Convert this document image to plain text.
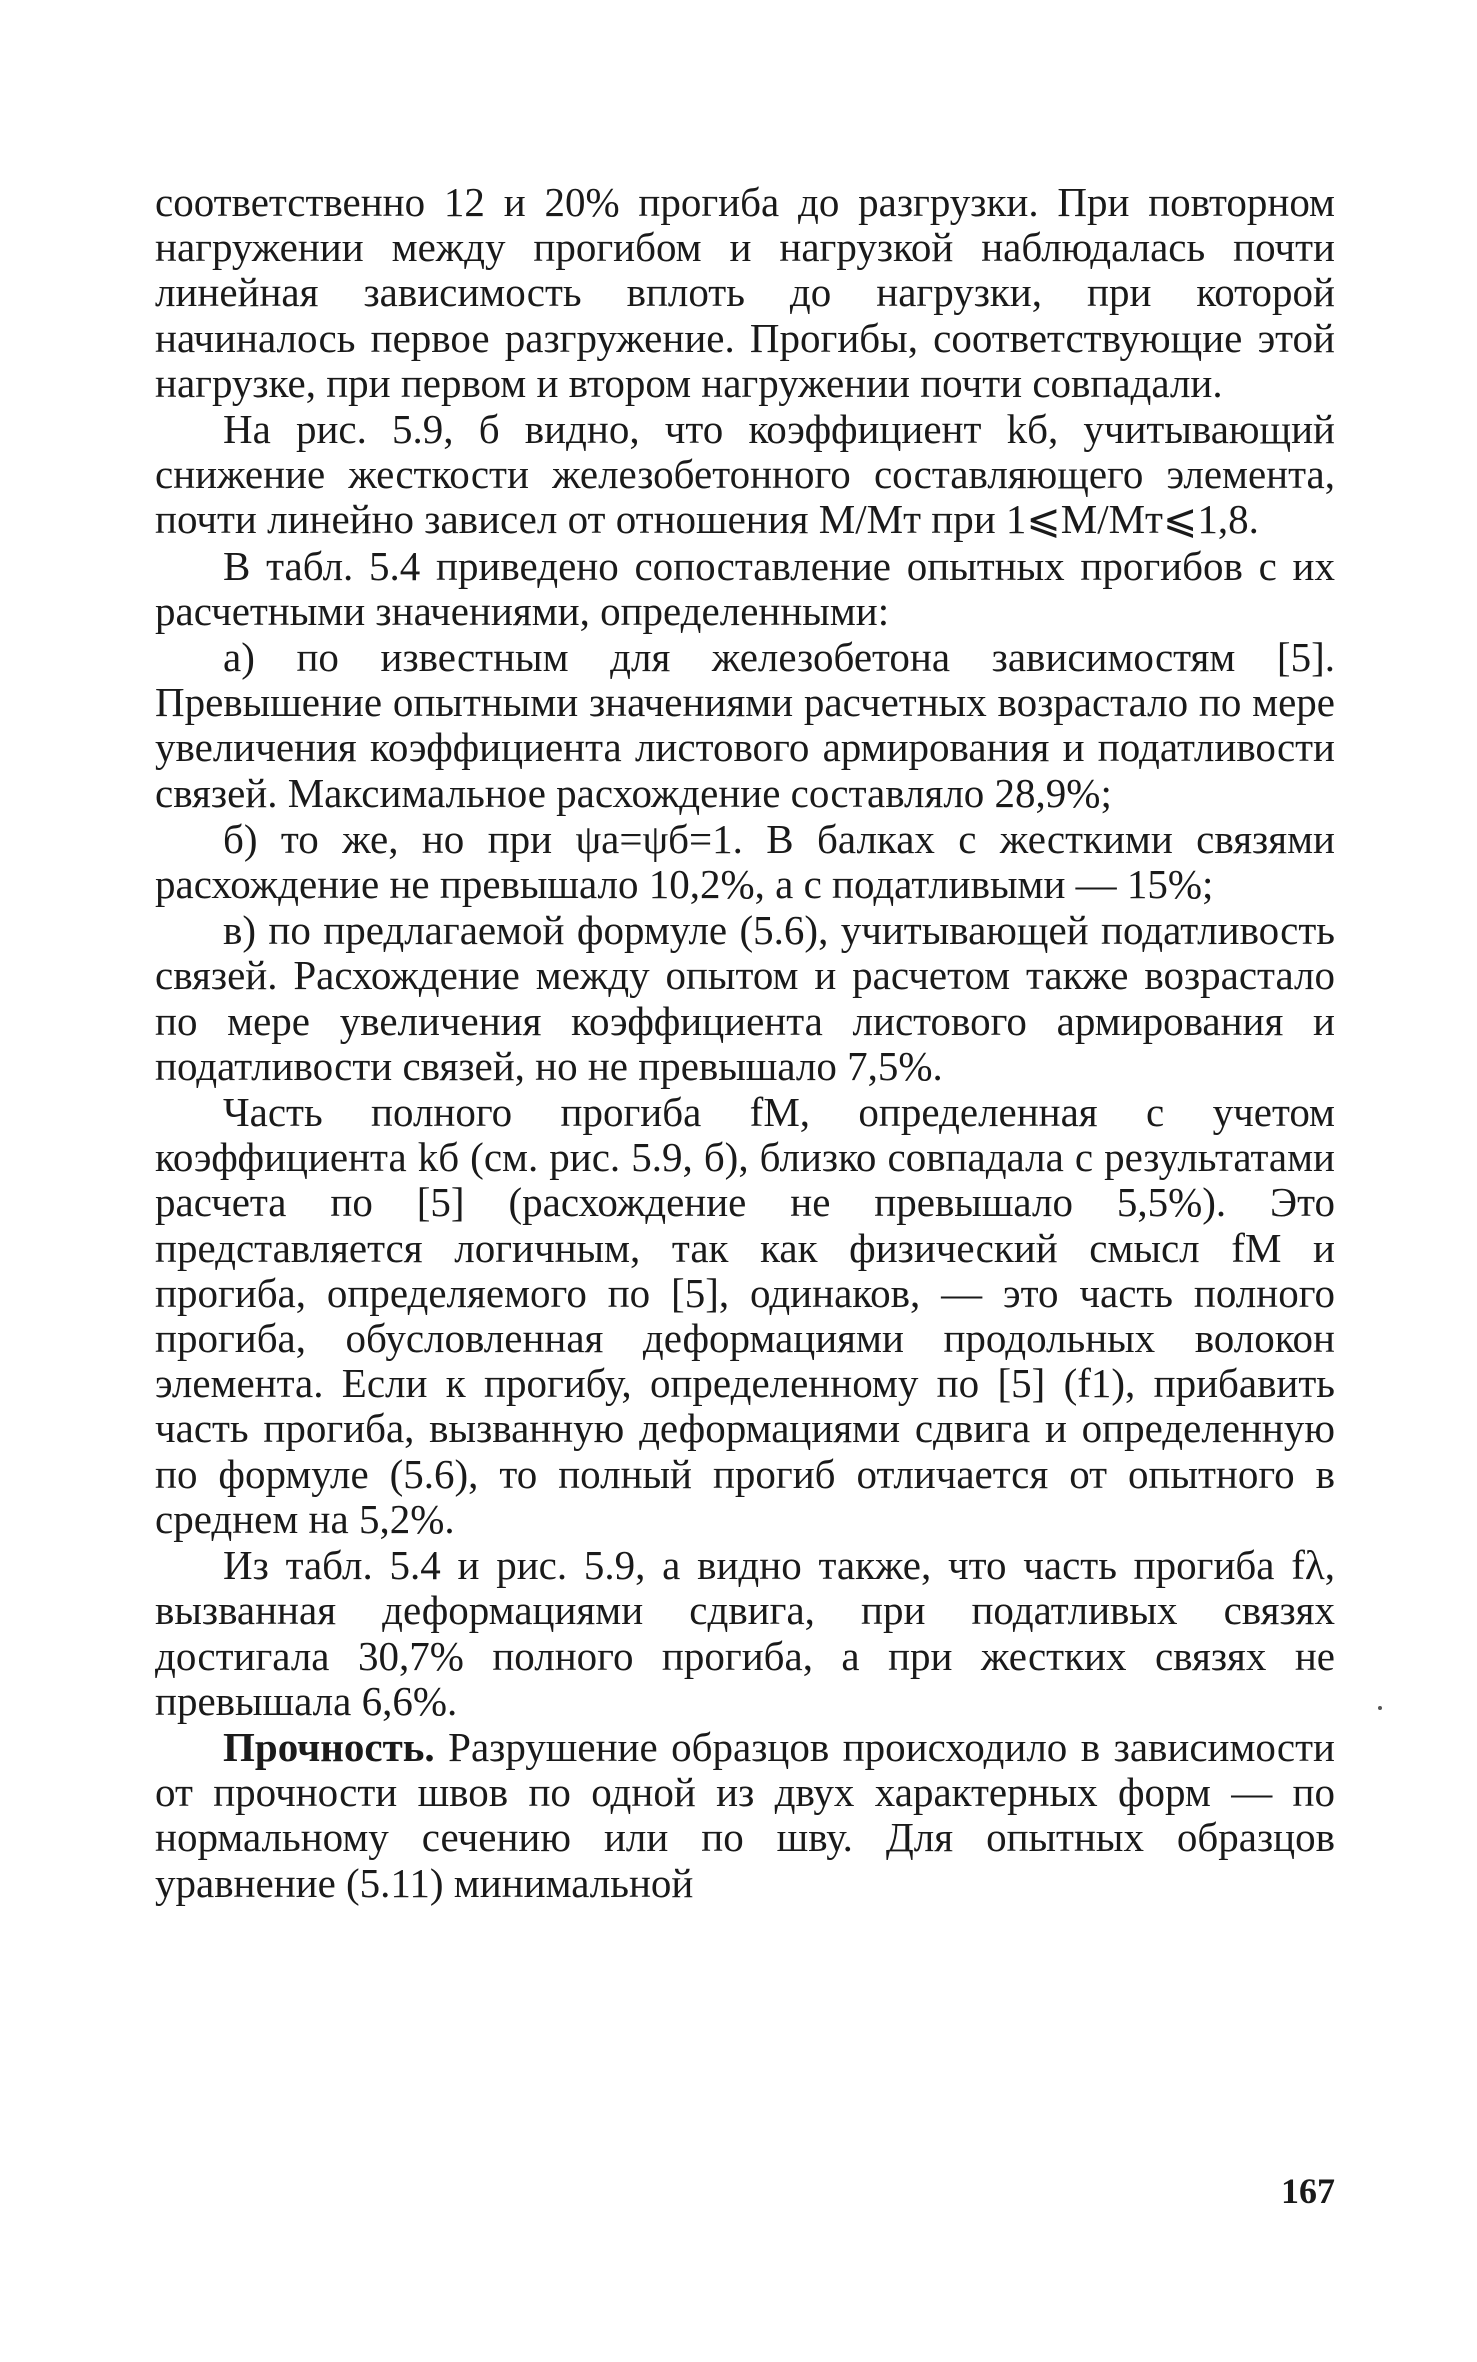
соответственно 12 и 20% прогиба до разгрузки. При повторном нагружении между прогибом и нагрузкой наблюдалась почти линейная зависимость вплоть до нагрузки, при которой начиналось первое разгружение. Прогибы, соответствующие этой нагрузке, при первом и втором нагружении почти совпадали.

На рис. 5.9, б видно, что коэффициент kб, учитывающий снижение жесткости железобетонного составляющего элемента, почти линейно зависел от отношения M/Mт при 1⩽M/Mт⩽1,8.

В табл. 5.4 приведено сопоставление опытных прогибов с их расчетными значениями, определенными:

а) по известным для железобетона зависимостям [5]. Превышение опытными значениями расчетных возрастало по мере увеличения коэффициента листового армирования и податливости связей. Максимальное расхождение составляло 28,9%;

б) то же, но при ψа=ψб=1. В балках с жесткими связями расхождение не превышало 10,2%, а с податливыми — 15%;

в) по предлагаемой формуле (5.6), учитывающей податливость связей. Расхождение между опытом и расчетом также возрастало по мере увеличения коэффициента листового армирования и податливости связей, но не превышало 7,5%.

Часть полного прогиба fM, определенная с учетом коэффициента kб (см. рис. 5.9, б), близко совпадала с результатами расчета по [5] (расхождение не превышало 5,5%). Это представляется логичным, так как физический смысл fM и прогиба, определяемого по [5], одинаков, — это часть полного прогиба, обусловленная деформациями продольных волокон элемента. Если к прогибу, определенному по [5] (f1), прибавить часть прогиба, вызванную деформациями сдвига и определенную по формуле (5.6), то полный прогиб отличается от опытного в среднем на 5,2%.

Из табл. 5.4 и рис. 5.9, а видно также, что часть прогиба fλ, вызванная деформациями сдвига, при податливых связях достигала 30,7% полного прогиба, а при жестких связях не превышала 6,6%.

Прочность. Разрушение образцов происходило в зависимости от прочности швов по одной из двух характерных форм — по нормальному сечению или по шву. Для опытных образцов уравнение (5.11) минимальной

167
